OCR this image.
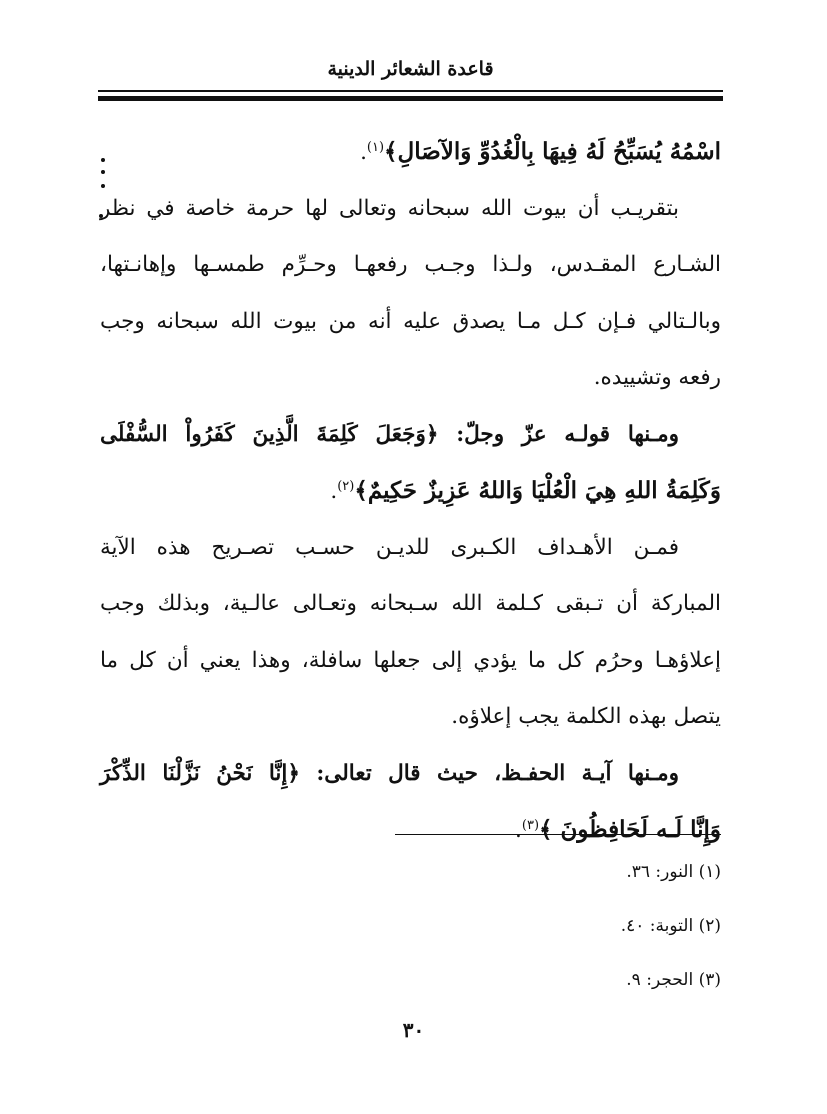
قاعدة الشعائر الدينية
اسْمُهُ يُسَبِّحُ لَهُ فِيهَا بِالْغُدُوِّ وَالآصَالِ﴾$^{(١)}$.
بتقريـب أن بيوت الله سبحانه وتعالى لها حرمة خاصة في نظر
الشـارع المقـدس، ولـذا وجـب رفعهـا وحـرِّم طمسـها وإهانـتها،
وبالـتالي فـإن كـل مـا يصدق عليه أنه من بيوت الله سبحانه وجب
رفعه وتشييده.
ومـنها قولـه عزّ وجلّ: ﴿وَجَعَلَ كَلِمَةَ الَّذِينَ كَفَرُواْ السُّفْلَى
وَكَلِمَةُ اللهِ هِيَ الْعُلْيَا وَاللهُ عَزِيزٌ حَكِيمٌ﴾$^{(٢)}$.
فمـن الأهـداف الكـبرى للديـن حسـب تصـريح هذه الآية
المباركة أن تـبقى كـلمة الله سـبحانه وتعـالى عالـية، وبذلك وجب
إعلاؤهـا وحرُم كل ما يؤدي إلى جعلها سافلة، وهذا يعني أن كل ما
يتصل بهذه الكلمة يجب إعلاؤه.
ومـنها آيـة الحفـظ، حيث قال تعالى: ﴿إِنَّا نَحْنُ نَزَّلْنَا الذِّكْرَ
وَإِنَّا لَـه لَحَافِظُونَ ﴾$^{(٣)}$.
(١) النور: ٣٦.
(٢) التوبة: ٤٠.
(٣) الحجر: ٩.
٣٠
